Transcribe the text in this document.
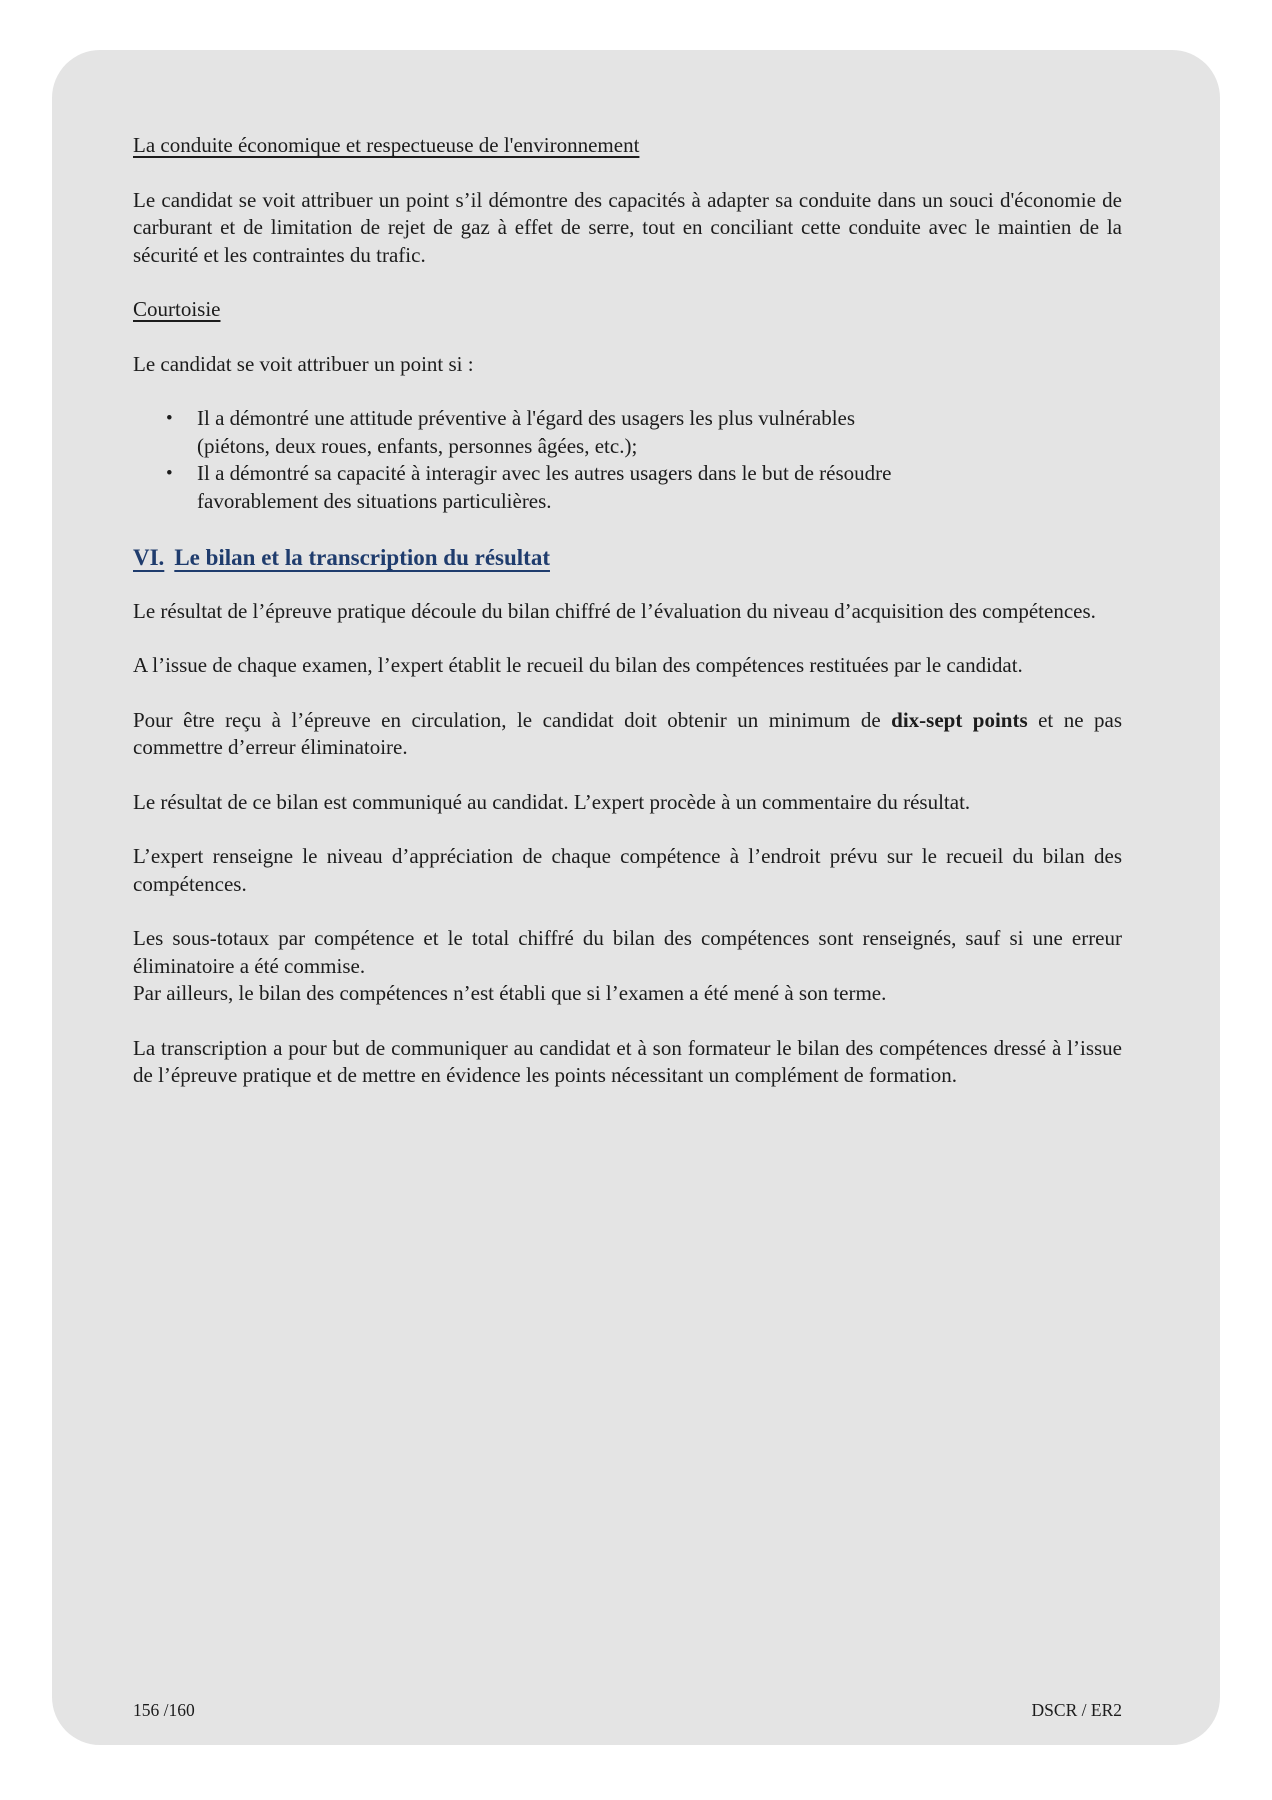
La conduite économique et respectueuse de l'environnement

Le candidat se voit attribuer un point s’il démontre des capacités à adapter sa conduite dans un souci d'économie de carburant et de limitation de rejet de gaz à effet de serre, tout en conciliant cette conduite avec le maintien de la sécurité et les contraintes du trafic.

Courtoisie

Le candidat se voit attribuer un point si :

•	Il a démontré une attitude préventive à l'égard des usagers les plus vulnérables
(piétons, deux roues, enfants, personnes âgées, etc.);
•	Il a démontré sa capacité à interagir avec les autres usagers dans le but de résoudre
favorablement des situations particulières.
VI. Le bilan et la transcription du résultat

Le résultat de l’épreuve pratique découle du bilan chiffré de l’évaluation du niveau d’acquisition des compétences.

A l’issue de chaque examen, l’expert établit le recueil du bilan des compétences restituées par le candidat.

Pour être reçu à l’épreuve en circulation, le candidat doit obtenir un minimum de dix-sept points et ne pas commettre d’erreur éliminatoire.

Le résultat de ce bilan est communiqué au candidat. L’expert procède à un commentaire du résultat.

L’expert renseigne le niveau d’appréciation de chaque compétence à l’endroit prévu sur le recueil du bilan des compétences.

Les sous-totaux par compétence et le total chiffré du bilan des compétences sont renseignés, sauf si une erreur éliminatoire a été commise.
Par ailleurs, le bilan des compétences n’est établi que si l’examen a été mené à son terme.

La transcription a pour but de communiquer au candidat et à son formateur le bilan des compétences dressé à l’issue de l’épreuve pratique et de mettre en évidence les points nécessitant un complément de formation.

156 /160	DSCR / ER2
